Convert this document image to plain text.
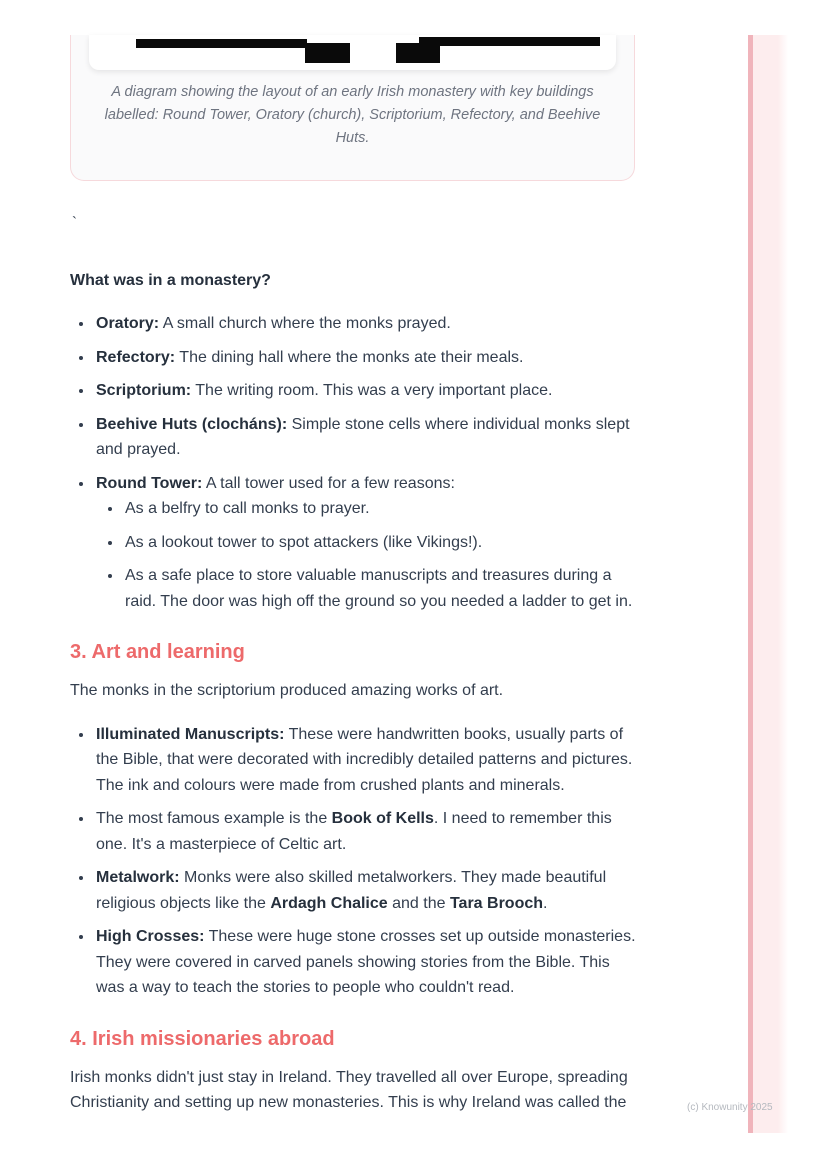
A diagram showing the layout of an early Irish monastery with key buildings labelled: Round Tower, Oratory (church), Scriptorium, Refectory, and Beehive Huts.

`

What was in a monastery?
• Oratory: A small church where the monks prayed.
• Refectory: The dining hall where the monks ate their meals.
• Scriptorium: The writing room. This was a very important place.
• Beehive Huts (clocháns): Simple stone cells where individual monks slept and prayed.
• Round Tower: A tall tower used for a few reasons:
• As a belfry to call monks to prayer.
• As a lookout tower to spot attackers (like Vikings!).
• As a safe place to store valuable manuscripts and treasures during a raid. The door was high off the ground so you needed a ladder to get in.
3. Art and learning

The monks in the scriptorium produced amazing works of art.

• Illuminated Manuscripts: These were handwritten books, usually parts of the Bible, that were decorated with incredibly detailed patterns and pictures. The ink and colours were made from crushed plants and minerals.
• The most famous example is the Book of Kells. I need to remember this one. It's a masterpiece of Celtic art.
• Metalwork: Monks were also skilled metalworkers. They made beautiful religious objects like the Ardagh Chalice and the Tara Brooch.
• High Crosses: These were huge stone crosses set up outside monasteries. They were covered in carved panels showing stories from the Bible. This was a way to teach the stories to people who couldn't read.
4. Irish missionaries abroad

Irish monks didn't just stay in Ireland. They travelled all over Europe, spreading Christianity and setting up new monasteries. This is why Ireland was called the	(c) Knowunity 2025
